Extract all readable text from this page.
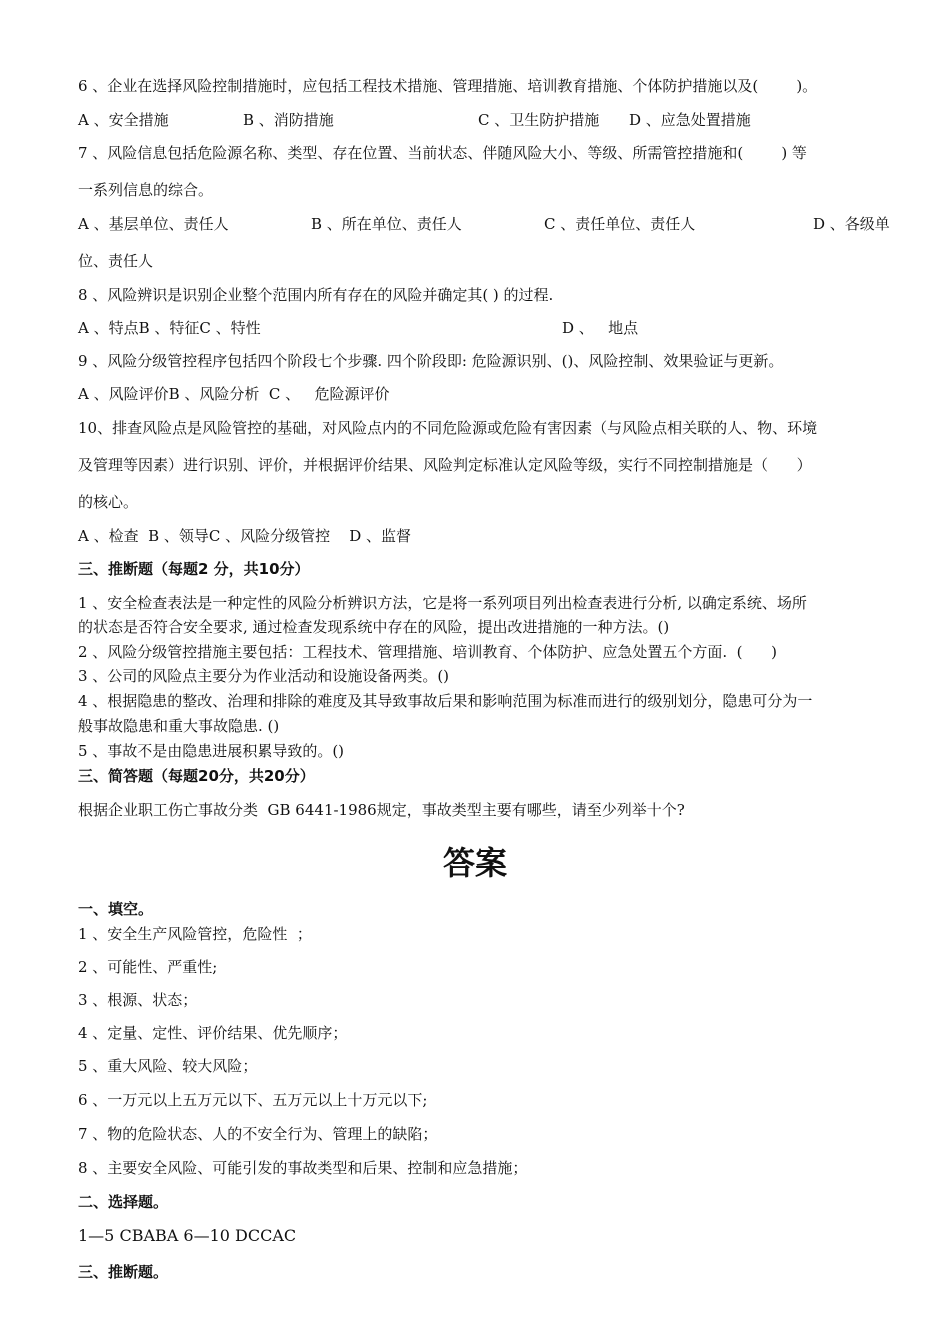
6 、企业在选择风险控制措施时，应包括工程技术措施、管理措施、培训教育措施、个体防护措施以及(        )。
A 、安全措施	B 、消防措施	C 、卫生防护措施 D 、应急处置措施
7 、风险信息包括危险源名称、类型、存在位置、当前状态、伴随风险大小、等级、所需管控措施和(        ) 等
一系列信息的综合。
A 、基层单位、责任人	B 、所在单位、责任人	C 、责任单位、责任人	D 、各级单
位、责任人
8 、风险辨识是识别企业整个范围内所有存在的风险并确定其( ) 的过程.
A 、特点B 、特征C 、特性	D 、   地点
9 、风险分级管控程序包括四个阶段七个步骤. 四个阶段即: 危险源识别、()、风险控制、效果验证与更新。
A 、风险评价B 、风险分析  C 、   危险源评价
10、排查风险点是风险管控的基础，对风险点内的不同危险源或危险有害因素（与风险点相关联的人、物、环境
及管理等因素）进行识别、评价，并根据评价结果、风险判定标准认定风险等级，实行不同控制措施是（      ）
的核心。
A 、检查  B 、领导C 、风险分级管控    D 、监督
三、推断题（每题2 分，共10分）
1 、安全检查表法是一种定性的风险分析辨识方法，它是将一系列项目列出检查表进行分析, 以确定系统、场所
的状态是否符合安全要求, 通过检查发现系统中存在的风险，提出改进措施的一种方法。()
2 、风险分级管控措施主要包括：工程技术、管理措施、培训教育、个体防护、应急处置五个方面.  (      )
3 、公司的风险点主要分为作业活动和设施设备两类。()
4 、根据隐患的整改、治理和排除的难度及其导致事故后果和影响范围为标准而进行的级别划分，隐患可分为一
般事故隐患和重大事故隐患. ()
5 、事故不是由隐患进展积累导致的。()
三、简答题（每题20分，共20分）
根据企业职工伤亡事故分类  GB 6441-1986规定，事故类型主要有哪些，请至少列举十个?
答案
一、填空。
1 、安全生产风险管控，危险性  ；
2 、可能性、严重性;
3 、根源、状态；
4 、定量、定性、评价结果、优先顺序；
5 、重大风险、较大风险；
6 、一万元以上五万元以下、五万元以上十万元以下;
7 、物的危险状态、人的不安全行为、管理上的缺陷；
8 、主要安全风险、可能引发的事故类型和后果、控制和应急措施；
二、选择题。
1—5 CBABA 6—10 DCCAC
三、推断题。
